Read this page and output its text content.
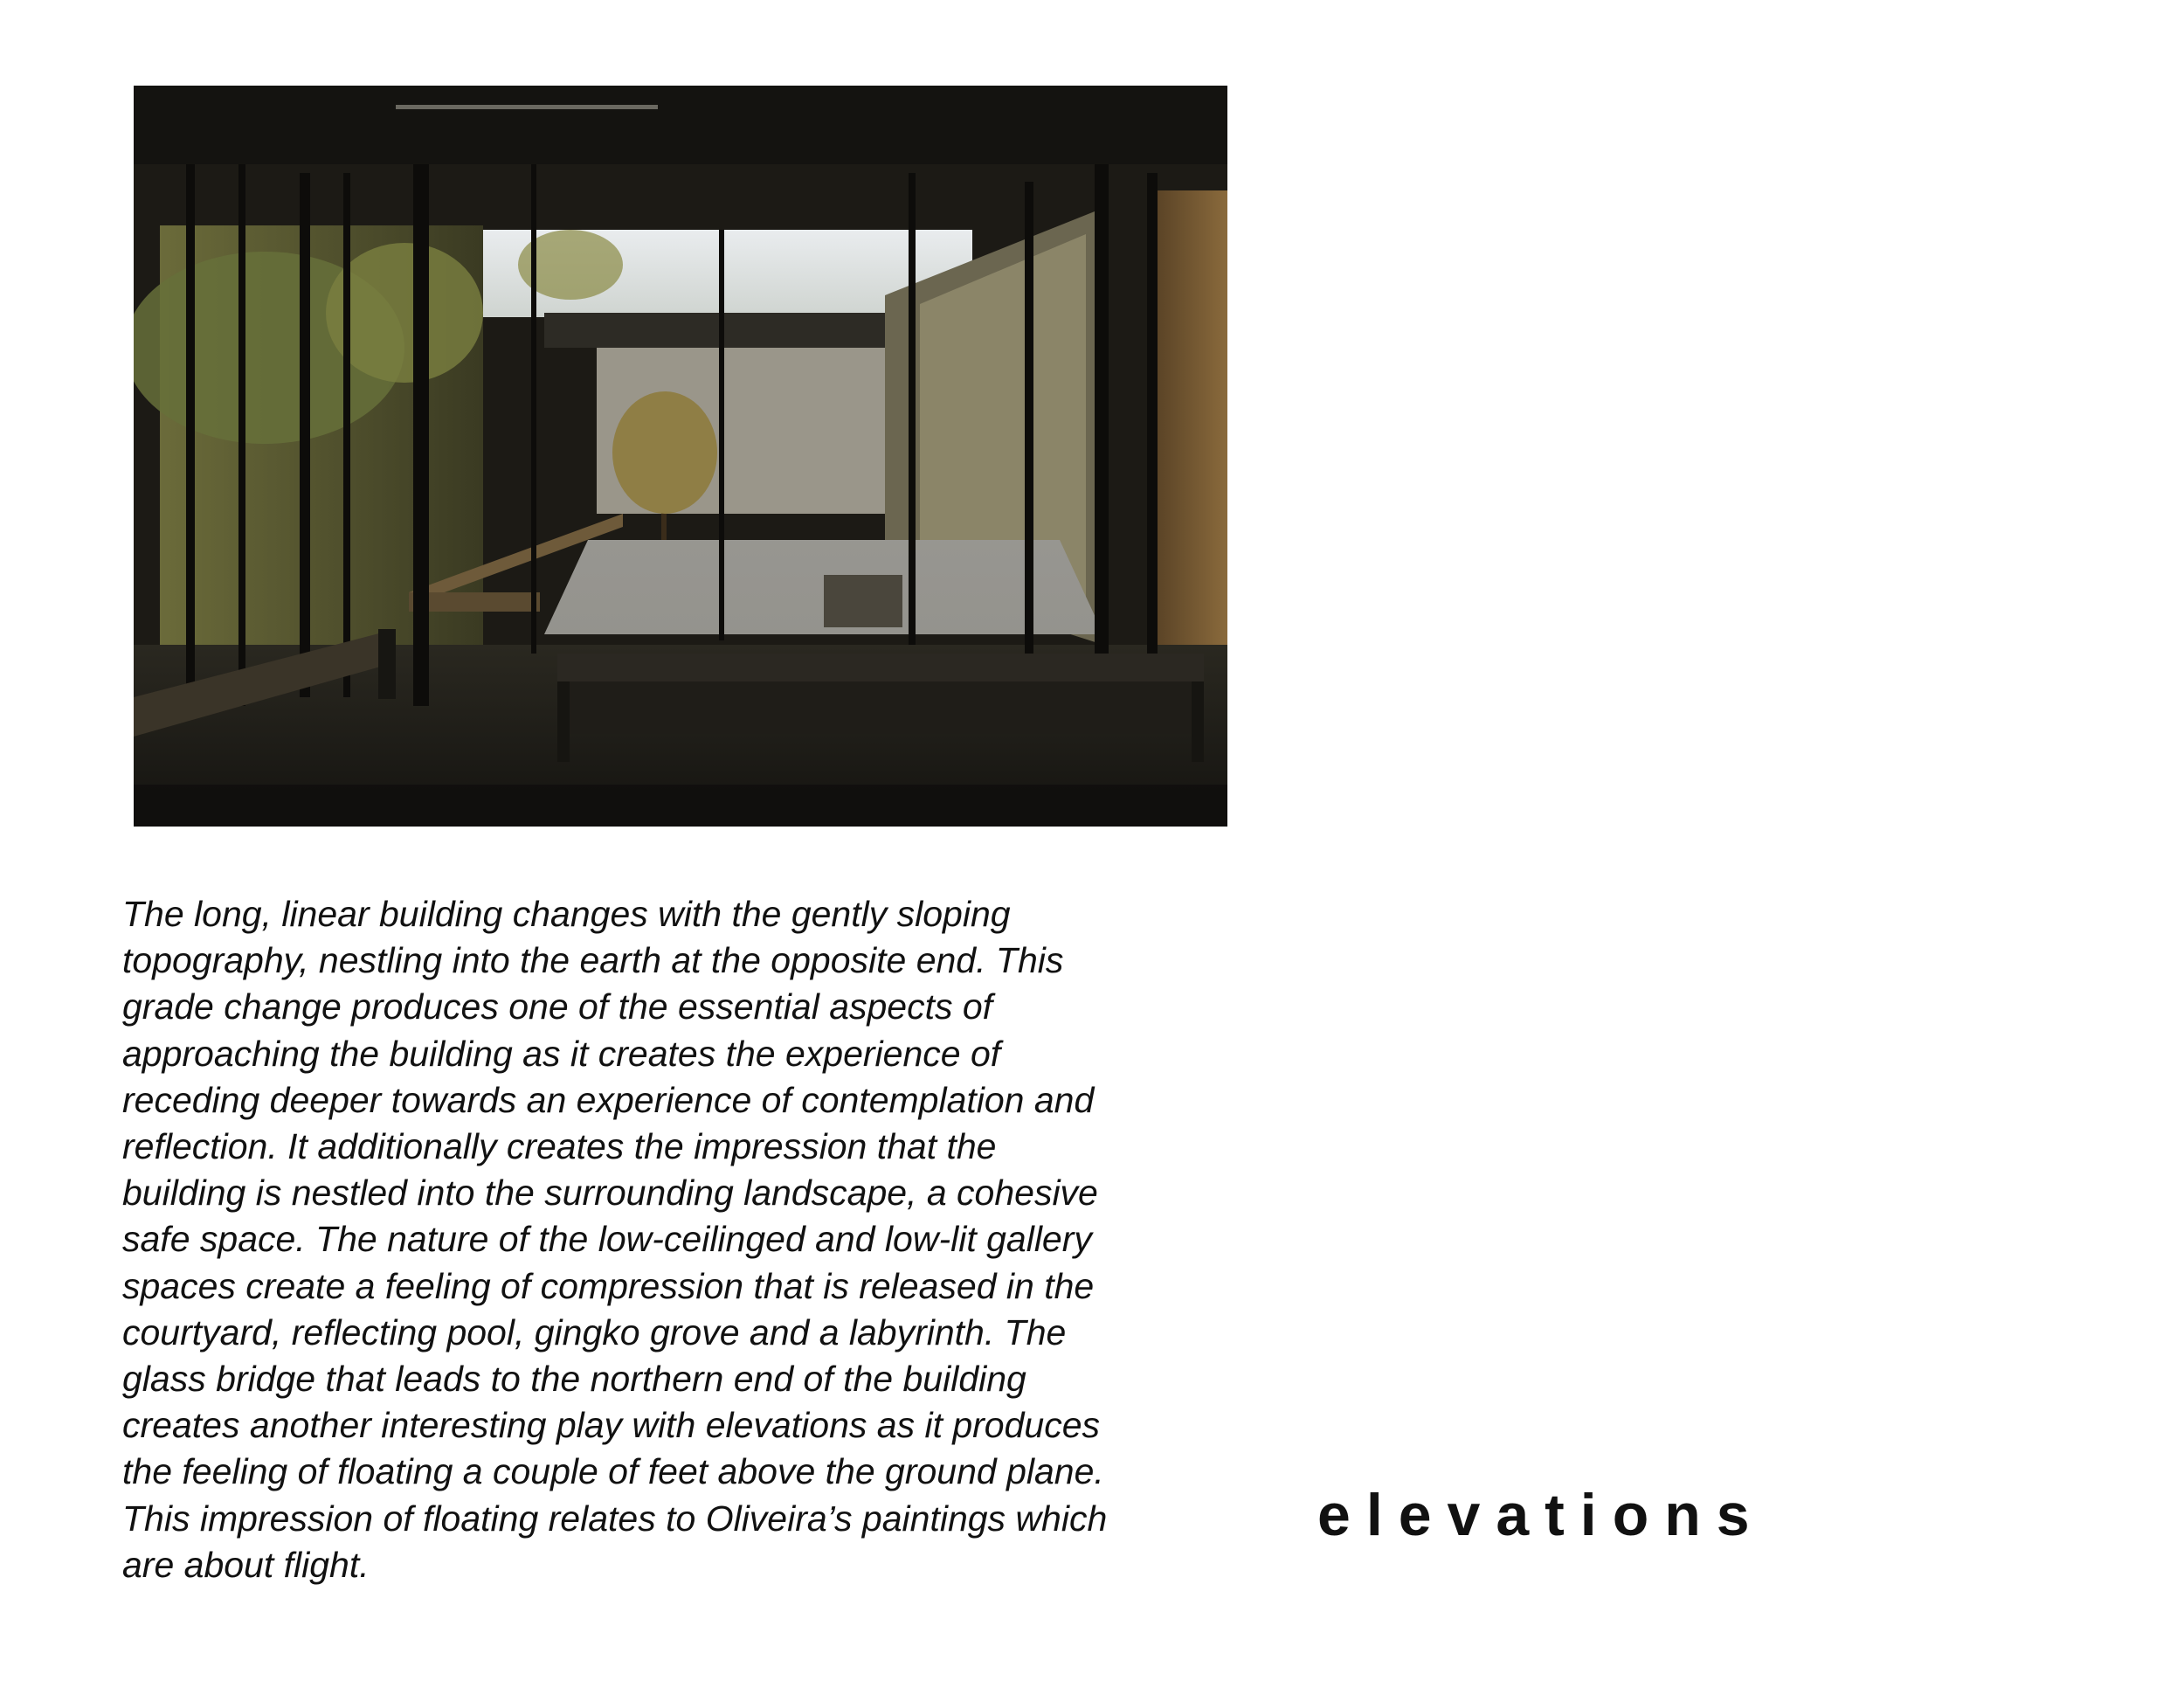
The long, linear building changes with the gently sloping
topography, nestling into the earth at the opposite end. This
grade change produces one of the essential aspects of
approaching the building as it creates the experience of
receding deeper towards an experience of contemplation and
reflection. It additionally creates the impression that the
building is nestled into the surrounding landscape, a cohesive
safe space. The nature of the low-ceilinged and low-lit gallery
spaces create a feeling of compression that is released in the
courtyard, reflecting pool, gingko grove and a labyrinth. The
glass bridge that leads to the northern end of the building
creates another interesting play with elevations as it produces
the feeling of floating a couple of feet above the ground plane.
This impression of floating relates to Oliveira’s paintings which
are about flight.

elevations
